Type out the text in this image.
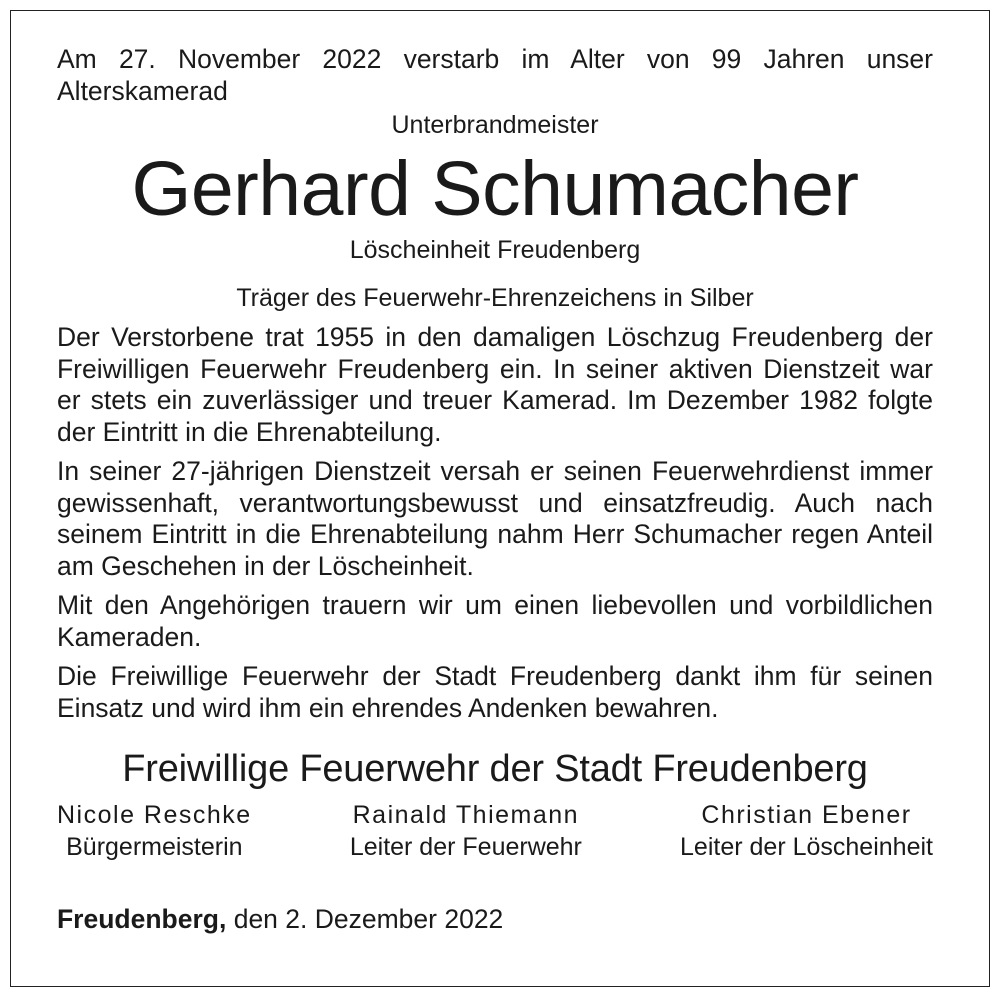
Am 27. November 2022 verstarb im Alter von 99 Jahren unser Alterskamerad

Unterbrandmeister

Gerhard Schumacher

Löscheinheit Freudenberg

Träger des Feuerwehr-Ehrenzeichens in Silber

Der Verstorbene trat 1955 in den damaligen Löschzug Freudenberg der Freiwilligen Feuerwehr Freudenberg ein. In seiner aktiven Dienstzeit war er stets ein zuverlässiger und treuer Kamerad. Im Dezember 1982 folgte der Eintritt in die Ehrenabteilung.

In seiner 27-jährigen Dienstzeit versah er seinen Feuerwehrdienst immer gewissenhaft, verantwortungsbewusst und einsatzfreudig. Auch nach seinem Eintritt in die Ehrenabteilung nahm Herr Schumacher regen Anteil am Geschehen in der Löscheinheit.

Mit den Angehörigen trauern wir um einen liebevollen und vorbildlichen Kameraden.

Die Freiwillige Feuerwehr der Stadt Freudenberg dankt ihm für seinen Einsatz und wird ihm ein ehrendes Andenken bewahren.

Freiwillige Feuerwehr der Stadt Freudenberg

Nicole Reschke
Bürgermeisterin
Rainald Thiemann
Leiter der Feuerwehr
Christian Ebener
Leiter der Löscheinheit

Freudenberg, den 2. Dezember 2022
